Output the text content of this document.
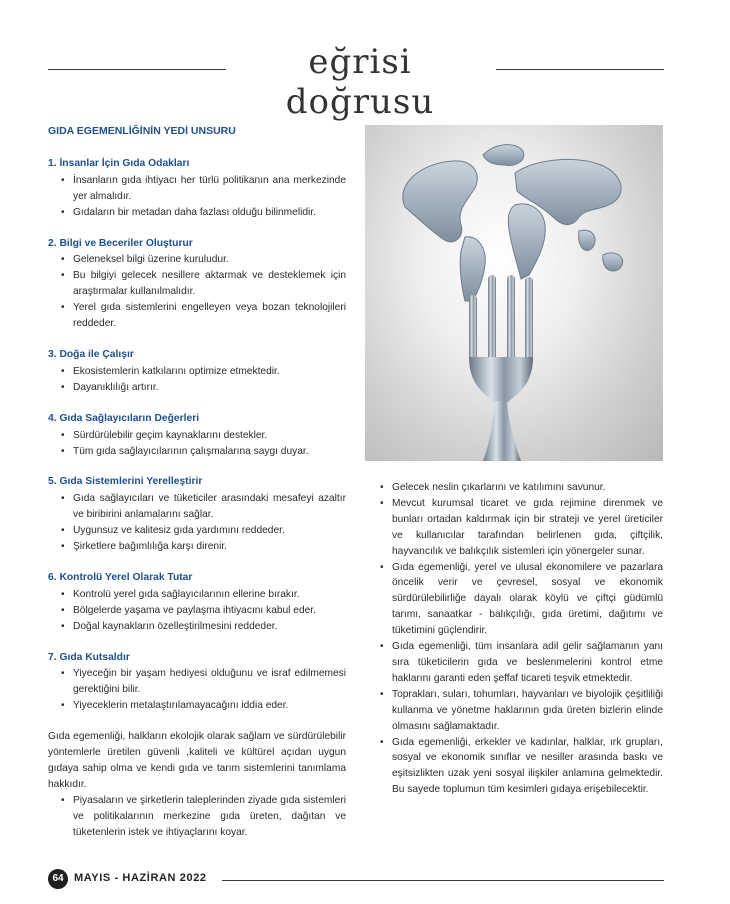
eğrisi doğrusu
GIDA EGEMENLİĞİNİN YEDİ UNSURU
1. İnsanlar İçin Gıda Odakları
• İnsanların gıda ihtiyacı her türlü politikanın ana merkezinde yer almalıdır.
• Gıdaların bir metadan daha fazlası olduğu bilinmelidir.
2. Bilgi ve Beceriler Oluşturur
• Geleneksel bilgi üzerine kuruludur.
• Bu bilgiyi gelecek nesillere aktarmak ve desteklemek için araştırmalar kullanılmalıdır.
• Yerel gıda sistemlerini engelleyen veya bozan teknolojileri reddeder.
3. Doğa ile Çalışır
• Ekosistemlerin katkılarını optimize etmektedir.
• Dayanıklılığı artırır.
4. Gıda Sağlayıcıların Değerleri
• Sürdürülebilir geçim kaynaklarını destekler.
• Tüm gıda sağlayıcılarının çalışmalarına saygı duyar.
5. Gıda Sistemlerini Yerelleştirir
• Gıda sağlayıcıları ve tüketiciler arasındaki mesafeyi azaltır ve biribirini anlamalarını sağlar.
• Uygunsuz ve kalitesiz gıda yardımını reddeder.
• Şirketlere bağımlılığa karşı direnir.
6. Kontrolü Yerel Olarak Tutar
• Kontrolü yerel gıda sağlayıcılarının ellerine bırakır.
• Bölgelerde yaşama ve paylaşma ihtiyacını kabul eder.
• Doğal kaynakların özelleştirilmesini reddeder.
7. Gıda Kutsaldır
• Yiyeceğin bir yaşam hediyesi olduğunu ve israf edilmemesi gerektiğini bilir.
• Yiyeceklerin metalaştırılamayacağını iddia eder.
Gıda egemenliği, halkların ekolojik olarak sağlam ve sürdürülebilir yöntemlerle üretilen güvenli ,kaliteli ve kültürel açıdan uygun gıdaya sahip olma ve kendi gıda ve tarım sistemlerini tanımlama hakkıdır.
• Piyasaların ve şirketlerin taleplerinden ziyade gıda sistemleri ve politikalarının merkezine gıda üreten, dağıtan ve tüketenlerin istek ve ihtiyaçlarını koyar.
• Gelecek neslin çıkarlarını ve katılımını savunur.
• Mevcut kurumsal ticaret ve gıda rejimine direnmek ve bunları ortadan kaldırmak için bir strateji ve yerel üreticiler ve kullanıcılar tarafından belirlenen gıda, çiftçilik, hayvancılık ve balıkçılık sistemleri için yönergeler sunar.
• Gıda egemenliği, yerel ve ulusal ekonomilere ve pazarlara öncelik verir ve çevresel, sosyal ve ekonomik sürdürülebilirliğe dayalı olarak köylü ve çiftçi güdümlü tarımı, sanaatkar - balıkçılığı, gıda üretimi, dağıtımı ve tüketimini güçlendirir.
• Gıda egemenliği, tüm insanlara adil gelir sağlamanın yanı sıra tüketicilerin gıda ve beslenmelerini kontrol etme haklarını garanti eden şeffaf ticareti teşvik etmektedir.
• Toprakları, suları, tohumları, hayvanları ve biyolojik çeşitliliği kullanma ve yönetme haklarının gıda üreten bizlerin elinde olmasını sağlamaktadır.
• Gıda egemenliği, erkekler ve kadınlar, halklar, ırk grupları, sosyal ve ekonomik sınıflar ve nesiller arasında baskı ve eşitsizlikten uzak yeni sosyal ilişkiler anlamına gelmektedir. Bu sayede toplumun tüm kesimleri gıdaya erişebilecektir.
64 MAYIS - HAZİRAN 2022
